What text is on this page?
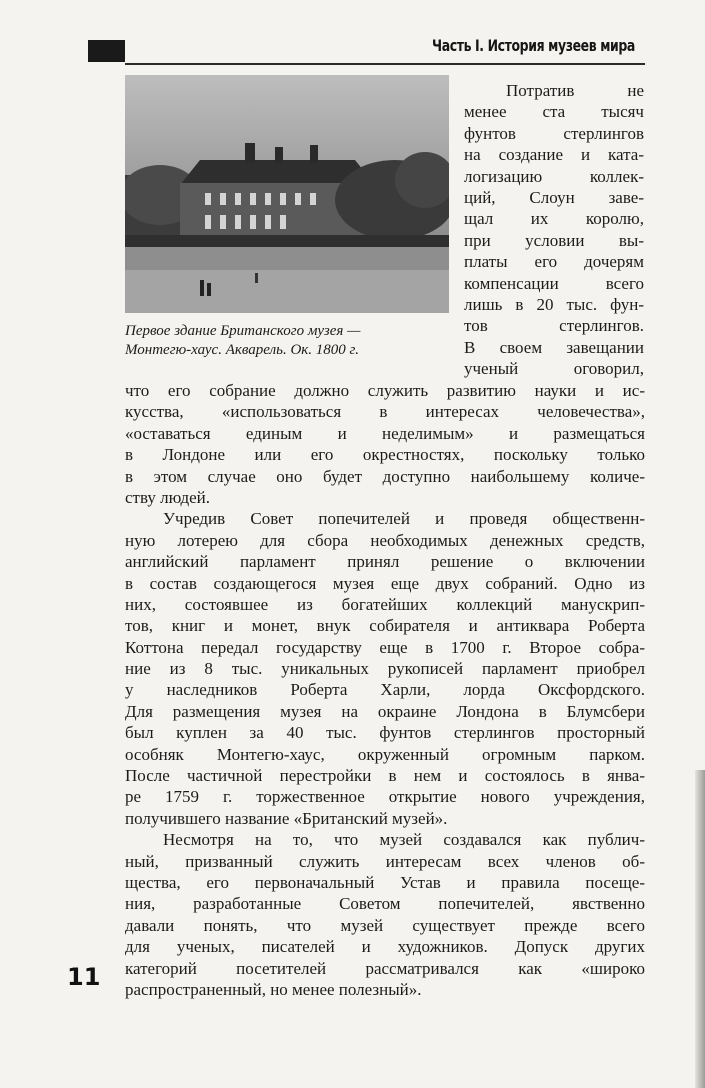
Часть I. История музеев мира
Первое здание Британского музея —
Монтегю-хаус. Акварель. Ок. 1800 г.
Потратив не
менее ста тысяч
фунтов стерлингов
на создание и ката-
логизацию коллек-
ций, Слоун заве-
щал их королю,
при условии вы-
платы его дочерям
компенсации всего
лишь в 20 тыс. фун-
тов стерлингов.
В своем завещании
ученый оговорил,
что его собрание должно служить развитию науки и ис-
кусства, «использоваться в интересах человечества»,
«оставаться единым и неделимым» и размещаться
в Лондоне или его окрестностях, поскольку только
в этом случае оно будет доступно наибольшему количе-
ству людей.
Учредив Совет попечителей и проведя общественн-
ную лотерею для сбора необходимых денежных средств,
английский парламент принял решение о включении
в состав создающегося музея еще двух собраний. Одно из
них, состоявшее из богатейших коллекций манускрип-
тов, книг и монет, внук собирателя и антиквара Роберта
Коттона передал государству еще в 1700 г. Второе собра-
ние из 8 тыс. уникальных рукописей парламент приобрел
у наследников Роберта Харли, лорда Оксфордского.
Для размещения музея на окраине Лондона в Блумсбери
был куплен за 40 тыс. фунтов стерлингов просторный
особняк Монтегю-хаус, окруженный огромным парком.
После частичной перестройки в нем и состоялось в янва-
ре 1759 г. торжественное открытие нового учреждения,
получившего название «Британский музей».
Несмотря на то, что музей создавался как публич-
ный, призванный служить интересам всех членов об-
щества, его первоначальный Устав и правила посеще-
ния, разработанные Советом попечителей, явственно
давали понять, что музей существует прежде всего
для ученых, писателей и художников. Допуск других
категорий посетителей рассматривался как «широко
распространенный, но менее полезный».
11
